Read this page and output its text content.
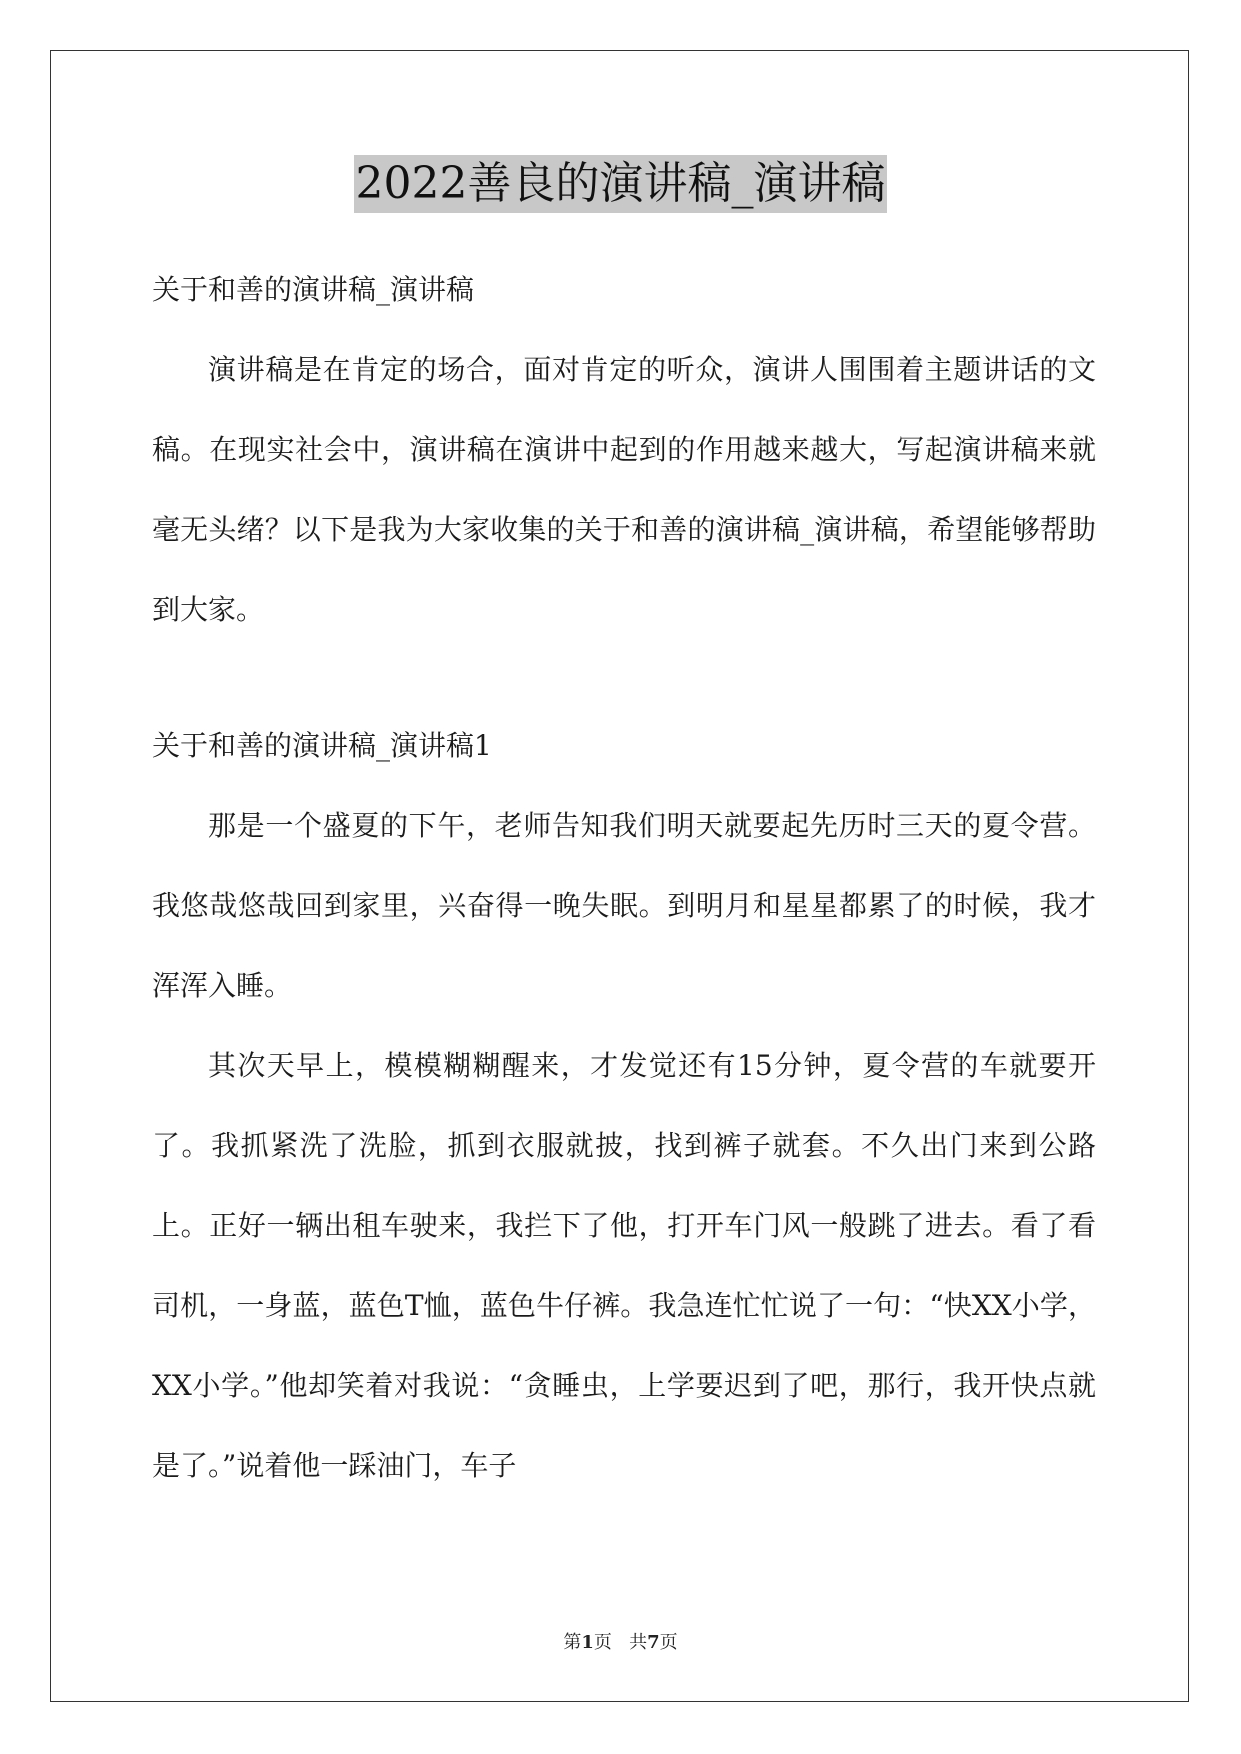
2022善良的演讲稿_演讲稿

关于和善的演讲稿_演讲稿

演讲稿是在肯定的场合，面对肯定的听众，演讲人围围着主题讲话的文稿。在现实社会中，演讲稿在演讲中起到的作用越来越大，写起演讲稿来就毫无头绪？以下是我为大家收集的关于和善的演讲稿_演讲稿，希望能够帮助到大家。

关于和善的演讲稿_演讲稿1

那是一个盛夏的下午，老师告知我们明天就要起先历时三天的夏令营。我悠哉悠哉回到家里，兴奋得一晚失眠。到明月和星星都累了的时候，我才浑浑入睡。

其次天早上，模模糊糊醒来，才发觉还有15分钟，夏令营的车就要开了。我抓紧洗了洗脸，抓到衣服就披，找到裤子就套。不久出门来到公路上。正好一辆出租车驶来，我拦下了他，打开车门风一般跳了进去。看了看司机，一身蓝，蓝色T恤，蓝色牛仔裤。我急连忙忙说了一句：“快XX小学，XX小学。”他却笑着对我说：“贪睡虫，上学要迟到了吧，那行，我开快点就是了。”说着他一踩油门，车子

第1页   共7页
